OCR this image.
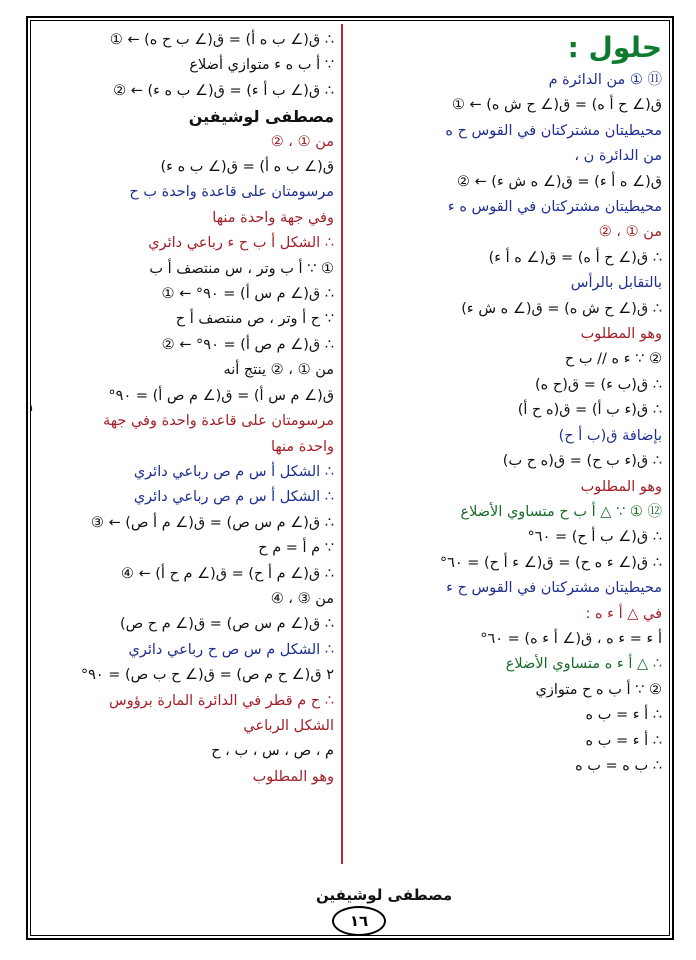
حلول :
⑪ ① من الدائرة م
ق(∠ ح أ ه) = ق(∠ ح ش ه) ← ①
محيطيتان مشتركتان في القوس ح ه
من الدائرة ن ،
ق(∠ ه أ ء) = ق(∠ ه ش ء) ← ②
محيطيتان مشتركتان في القوس ه ء
من ① ، ②
∴ ق(∠ ح أ ه) = ق(∠ ه أ ء)
بالتقابل بالرأس
∴ ق(∠ ح ش ه) = ق(∠ ه ش ء)
وهو المطلوب
② ∵ ء ه // ب ح
∴ ق(ب ء) = ق(ح ه)
∴ ق(ء ب أ) = ق(ه ح أ)
بإضافة ق(ب أ ح)
∴ ق(ء ب ح) = ق(ه ح ب)
وهو المطلوب
⑫ ① ∵ △ أ ب ح متساوي الأضلاع
∴ ق(∠ ب أ ح) = ٦٠°
∴ ق(∠ ء ه ح) = ق(∠ ء أ ح) = ٦٠°
محيطيتان مشتركتان في القوس ح ء
في △ أ ء ه :
أ ء = ء ه ، ق(∠ أ ء ه) = ٦٠°
∴ △ أ ء ه متساوي الأضلاع
② ∵ أ ب ه ح متوازي
∴ أ ء = ب ه
∴ أ ء = ب ه
∴ ب ه = ب ه
∴ ق(∠ ب ه أ) = ق(∠ ب ح ه) ← ①
∵ أ ب ه ء متوازي أضلاع
∴ ق(∠ ب أ ء) = ق(∠ ب ه ء) ← ②
مصطفى لوشيفين
من ① ، ②
ق(∠ ب ه أ) = ق(∠ ب ه ء)
مرسومتان على قاعدة واحدة ب ح
وفي جهة واحدة منها
∴ الشكل أ ب ح ء رباعي دائري
① ∵ أ ب وتر ، س منتصف أ ب
∴ ق(∠ م س أ) = ٩٠° ← ①
∵ ح أ وتر ، ص منتصف أ ح
∴ ق(∠ م ص أ) = ٩٠° ← ②
من ① ، ② ينتج أنه
ق(∠ م س أ) = ق(∠ م ص أ) = ٩٠°
مرسومتان على قاعدة واحدة وفي جهة
واحدة منها
∴ الشكل أ س م ص رباعي دائري
∴ الشكل أ س م ص رباعي دائري
∴ ق(∠ م س ص) = ق(∠ م أ ص) ← ③
∵ م أ = م ح
∴ ق(∠ م أ ح) = ق(∠ م ح أ) ← ④
من ③ ، ④
∴ ق(∠ م س ص) = ق(∠ م ح ص)
∴ الشكل م س ص ح رباعي دائري
٢ ق(∠ ح م ص) = ق(∠ ح ب ص) = ٩٠°
∴ ح م قطر في الدائرة المارة برؤوس
الشكل الرباعي
م ، ص ، س ، ب ، ح
وهو المطلوب
مصطفى لوشيفين
١٦
١
